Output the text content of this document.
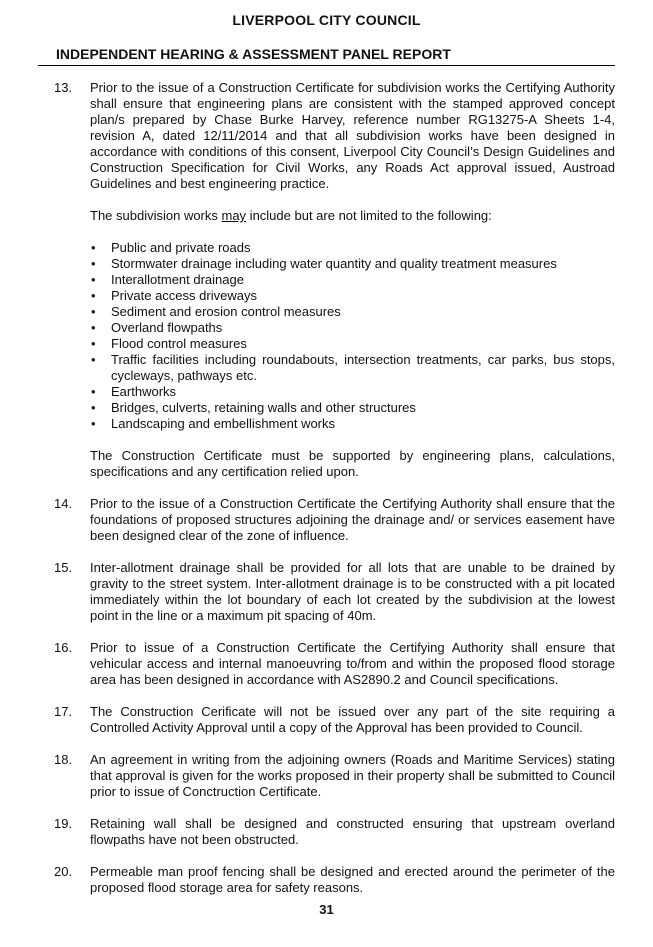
LIVERPOOL CITY COUNCIL
INDEPENDENT HEARING & ASSESSMENT PANEL REPORT
13.	Prior to the issue of a Construction Certificate for subdivision works the Certifying Authority shall ensure that engineering plans are consistent with the stamped approved concept plan/s prepared by Chase Burke Harvey, reference number RG13275-A Sheets 1-4, revision A, dated 12/11/2014 and that all subdivision works have been designed in accordance with conditions of this consent, Liverpool City Council’s Design Guidelines and Construction Specification for Civil Works, any Roads Act approval issued, Austroad Guidelines and best engineering practice.

The subdivision works may include but are not limited to the following:

•	Public and private roads
•	Stormwater drainage including water quantity and quality treatment measures
•	Interallotment drainage
•	Private access driveways
•	Sediment and erosion control measures
•	Overland flowpaths
•	Flood control measures
•	Traffic facilities including roundabouts, intersection treatments, car parks, bus stops, cycleways, pathways etc.
•	Earthworks
•	Bridges, culverts, retaining walls and other structures
•	Landscaping and embellishment works

The Construction Certificate must be supported by engineering plans, calculations, specifications and any certification relied upon.

14.	Prior to the issue of a Construction Certificate the Certifying Authority shall ensure that the foundations of proposed structures adjoining the drainage and/ or services easement have been designed clear of the zone of influence.

15.	Inter-allotment drainage shall be provided for all lots that are unable to be drained by gravity to the street system. Inter-allotment drainage is to be constructed with a pit located immediately within the lot boundary of each lot created by the subdivision at the lowest point in the line or a maximum pit spacing of 40m.

16.	Prior to issue of a Construction Certificate the Certifying Authority shall ensure that vehicular access and internal manoeuvring to/from and within the proposed flood storage area has been designed in accordance with AS2890.2 and Council specifications.

17.	The Construction Cerificate will not be issued over any part of the site requiring a Controlled Activity Approval until a copy of the Approval has been provided to Council.

18.	An agreement in writing from the adjoining owners (Roads and Maritime Services) stating that approval is given for the works proposed in their property shall be submitted to Council prior to issue of Conctruction Certificate.

19.	Retaining wall shall be designed and constructed ensuring that upstream overland flowpaths have not been obstructed.

20.	Permeable man proof fencing shall be designed and erected around the perimeter of the proposed flood storage area for safety reasons.

31
